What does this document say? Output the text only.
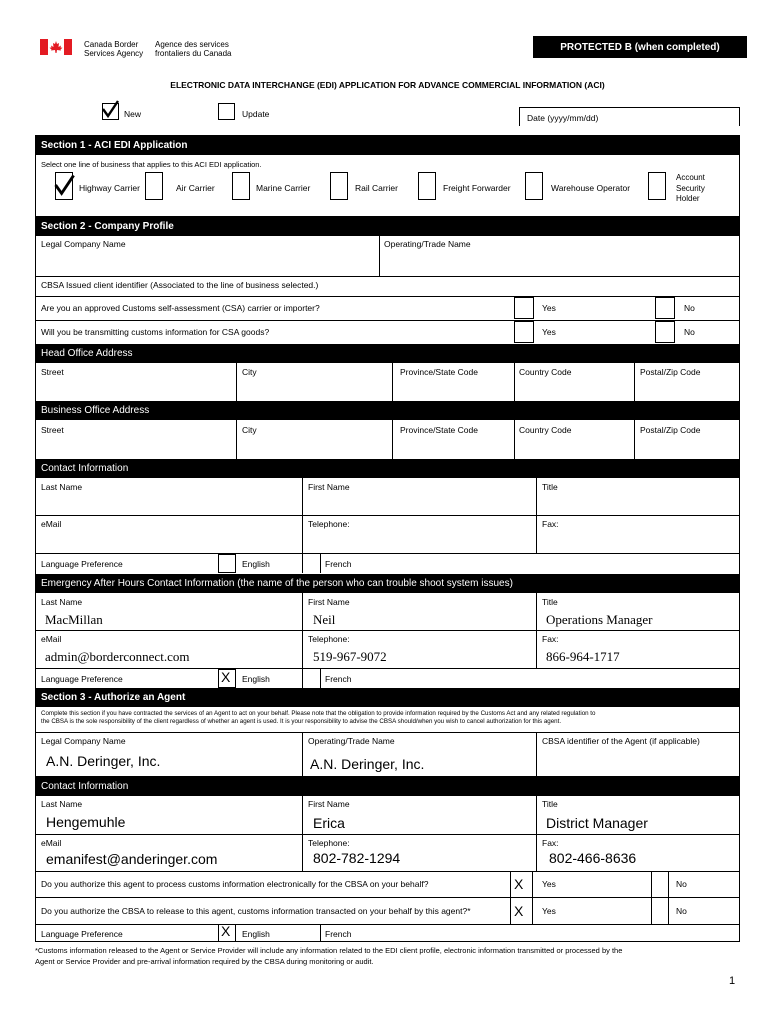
Canada Border
Services Agency
Agence des services
frontaliers du Canada
PROTECTED B (when completed)
ELECTRONIC DATA INTERCHANGE (EDI) APPLICATION FOR ADVANCE COMMERCIAL INFORMATION (ACI)
New	Update	Date (yyyy/mm/dd)
Section 1 - ACI EDI Application
Select one line of business that applies to this ACI EDI application.
Highway Carrier	Air Carrier	Marine Carrier	Rail Carrier	Freight Forwarder	Warehouse Operator
Account
Security
Holder
Section 2 - Company Profile
Legal Company Name	Operating/Trade Name
CBSA Issued client identifier (Associated to the line of business selected.)
Are you an approved Customs self-assessment (CSA) carrier or importer?	Yes	No
Will you be transmitting customs information for CSA goods?	Yes	No
Head Office Address
Street	City	Province/State Code	Country Code	Postal/Zip Code
Business Office Address
Street	City	Province/State Code	Country Code	Postal/Zip Code
Contact Information
Last Name	First Name	Title
eMail	Telephone:	Fax:
Language Preference	English	French
Emergency After Hours Contact Information (the name of the person who can trouble shoot system issues)
Last Name	First Name	Title
MacMillan	Neil	Operations Manager
eMail	Telephone:	Fax:
admin@borderconnect.com	519-967-9072	866-964-1717
Language Preference	X English	French
Section 3 - Authorize an Agent
Complete this section if you have contracted the services of an Agent to act on your behalf. Please note that the obligation to provide information required by the Customs Act and any related regulation to
the CBSA is the sole responsibility of the client regardless of whether an agent is used. It is your responsibility to advise the CBSA should/when you wish to cancel authorization for this agent.
Legal Company Name	Operating/Trade Name	CBSA identifier of the Agent (if applicable)
A.N. Deringer, Inc.	A.N. Deringer, Inc.
Contact Information
Last Name	First Name	Title
Hengemuhle	Erica	District Manager
eMail	Telephone:	Fax:
emanifest@anderinger.com	802-782-1294	802-466-8636
Do you authorize this agent to process customs information electronically for the CBSA on your behalf?	X Yes	No
Do you authorize the CBSA to release to this agent, customs information transacted on your behalf by this agent?*	X Yes	No
Language Preference	X English	French
*Customs information released to the Agent or Service Provider will include any information related to the EDI client profile, electronic information transmitted or processed by the
Agent or Service Provider and pre-arrival information required by the CBSA during monitoring or audit.
1
